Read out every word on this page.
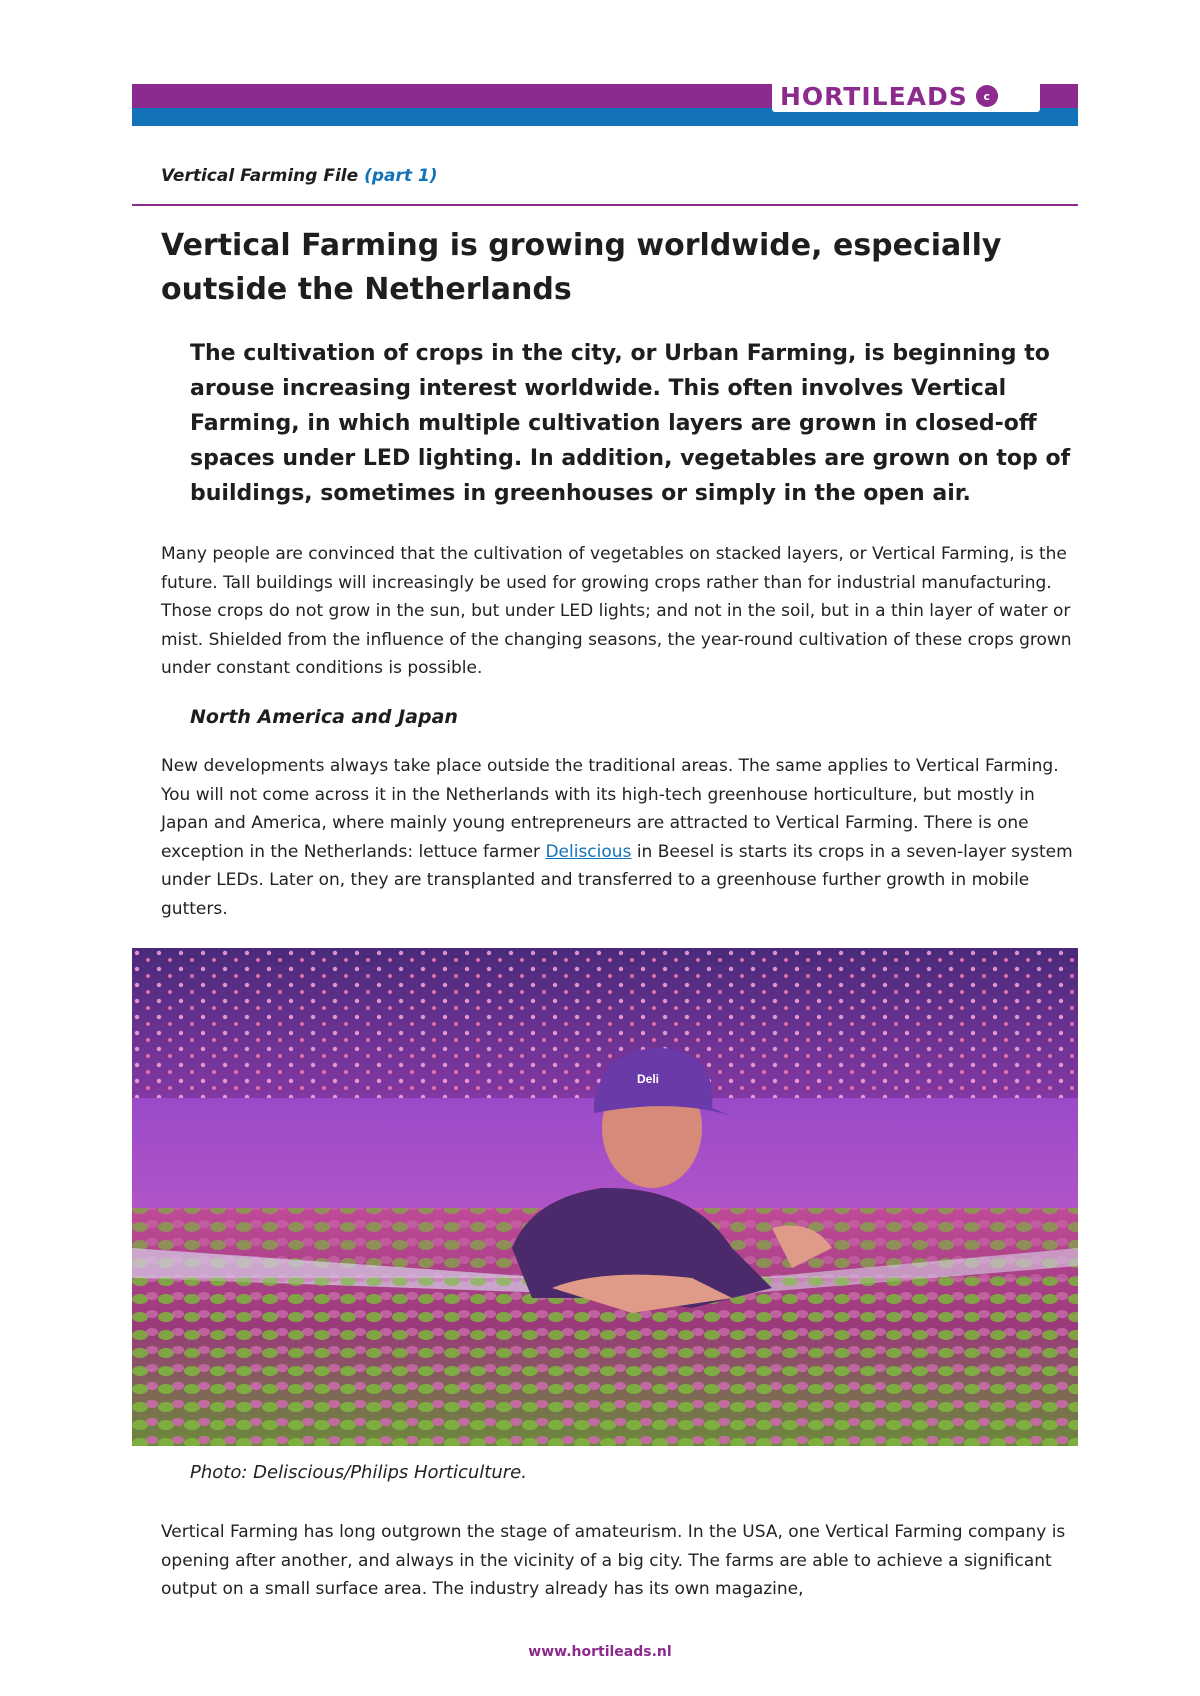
HORTILEADS	c
Vertical Farming File (part 1)
Vertical Farming is growing worldwide, especially outside the Netherlands

The cultivation of crops in the city, or Urban Farming, is beginning to arouse increasing interest worldwide. This often involves Vertical Farming, in which multiple cultivation layers are grown in closed-off spaces under LED lighting. In addition, vegetables are grown on top of buildings, sometimes in greenhouses or simply in the open air.

Many people are convinced that the cultivation of vegetables on stacked layers, or Vertical Farming, is the future. Tall buildings will increasingly be used for growing crops rather than for industrial manufacturing. Those crops do not grow in the sun, but under LED lights; and not in the soil, but in a thin layer of water or mist. Shielded from the influence of the changing seasons, the year-round cultivation of these crops grown under constant conditions is possible.

North America and Japan

New developments always take place outside the traditional areas. The same applies to Vertical Farming. You will not come across it in the Netherlands with its high-tech greenhouse horticulture, but mostly in Japan and America, where mainly young entrepreneurs are attracted to Vertical Farming. There is one exception in the Netherlands: lettuce farmer Deliscious in Beesel is starts its crops in a seven-layer system under LEDs. Later on, they are transplanted and transferred to a greenhouse further growth in mobile gutters.

Deli

Photo: Deliscious/Philips Horticulture.

Vertical Farming has long outgrown the stage of amateurism. In the USA, one Vertical Farming company is opening after another, and always in the vicinity of a big city. The farms are able to achieve a significant output on a small surface area. The industry already has its own magazine,

www.hortileads.nl
